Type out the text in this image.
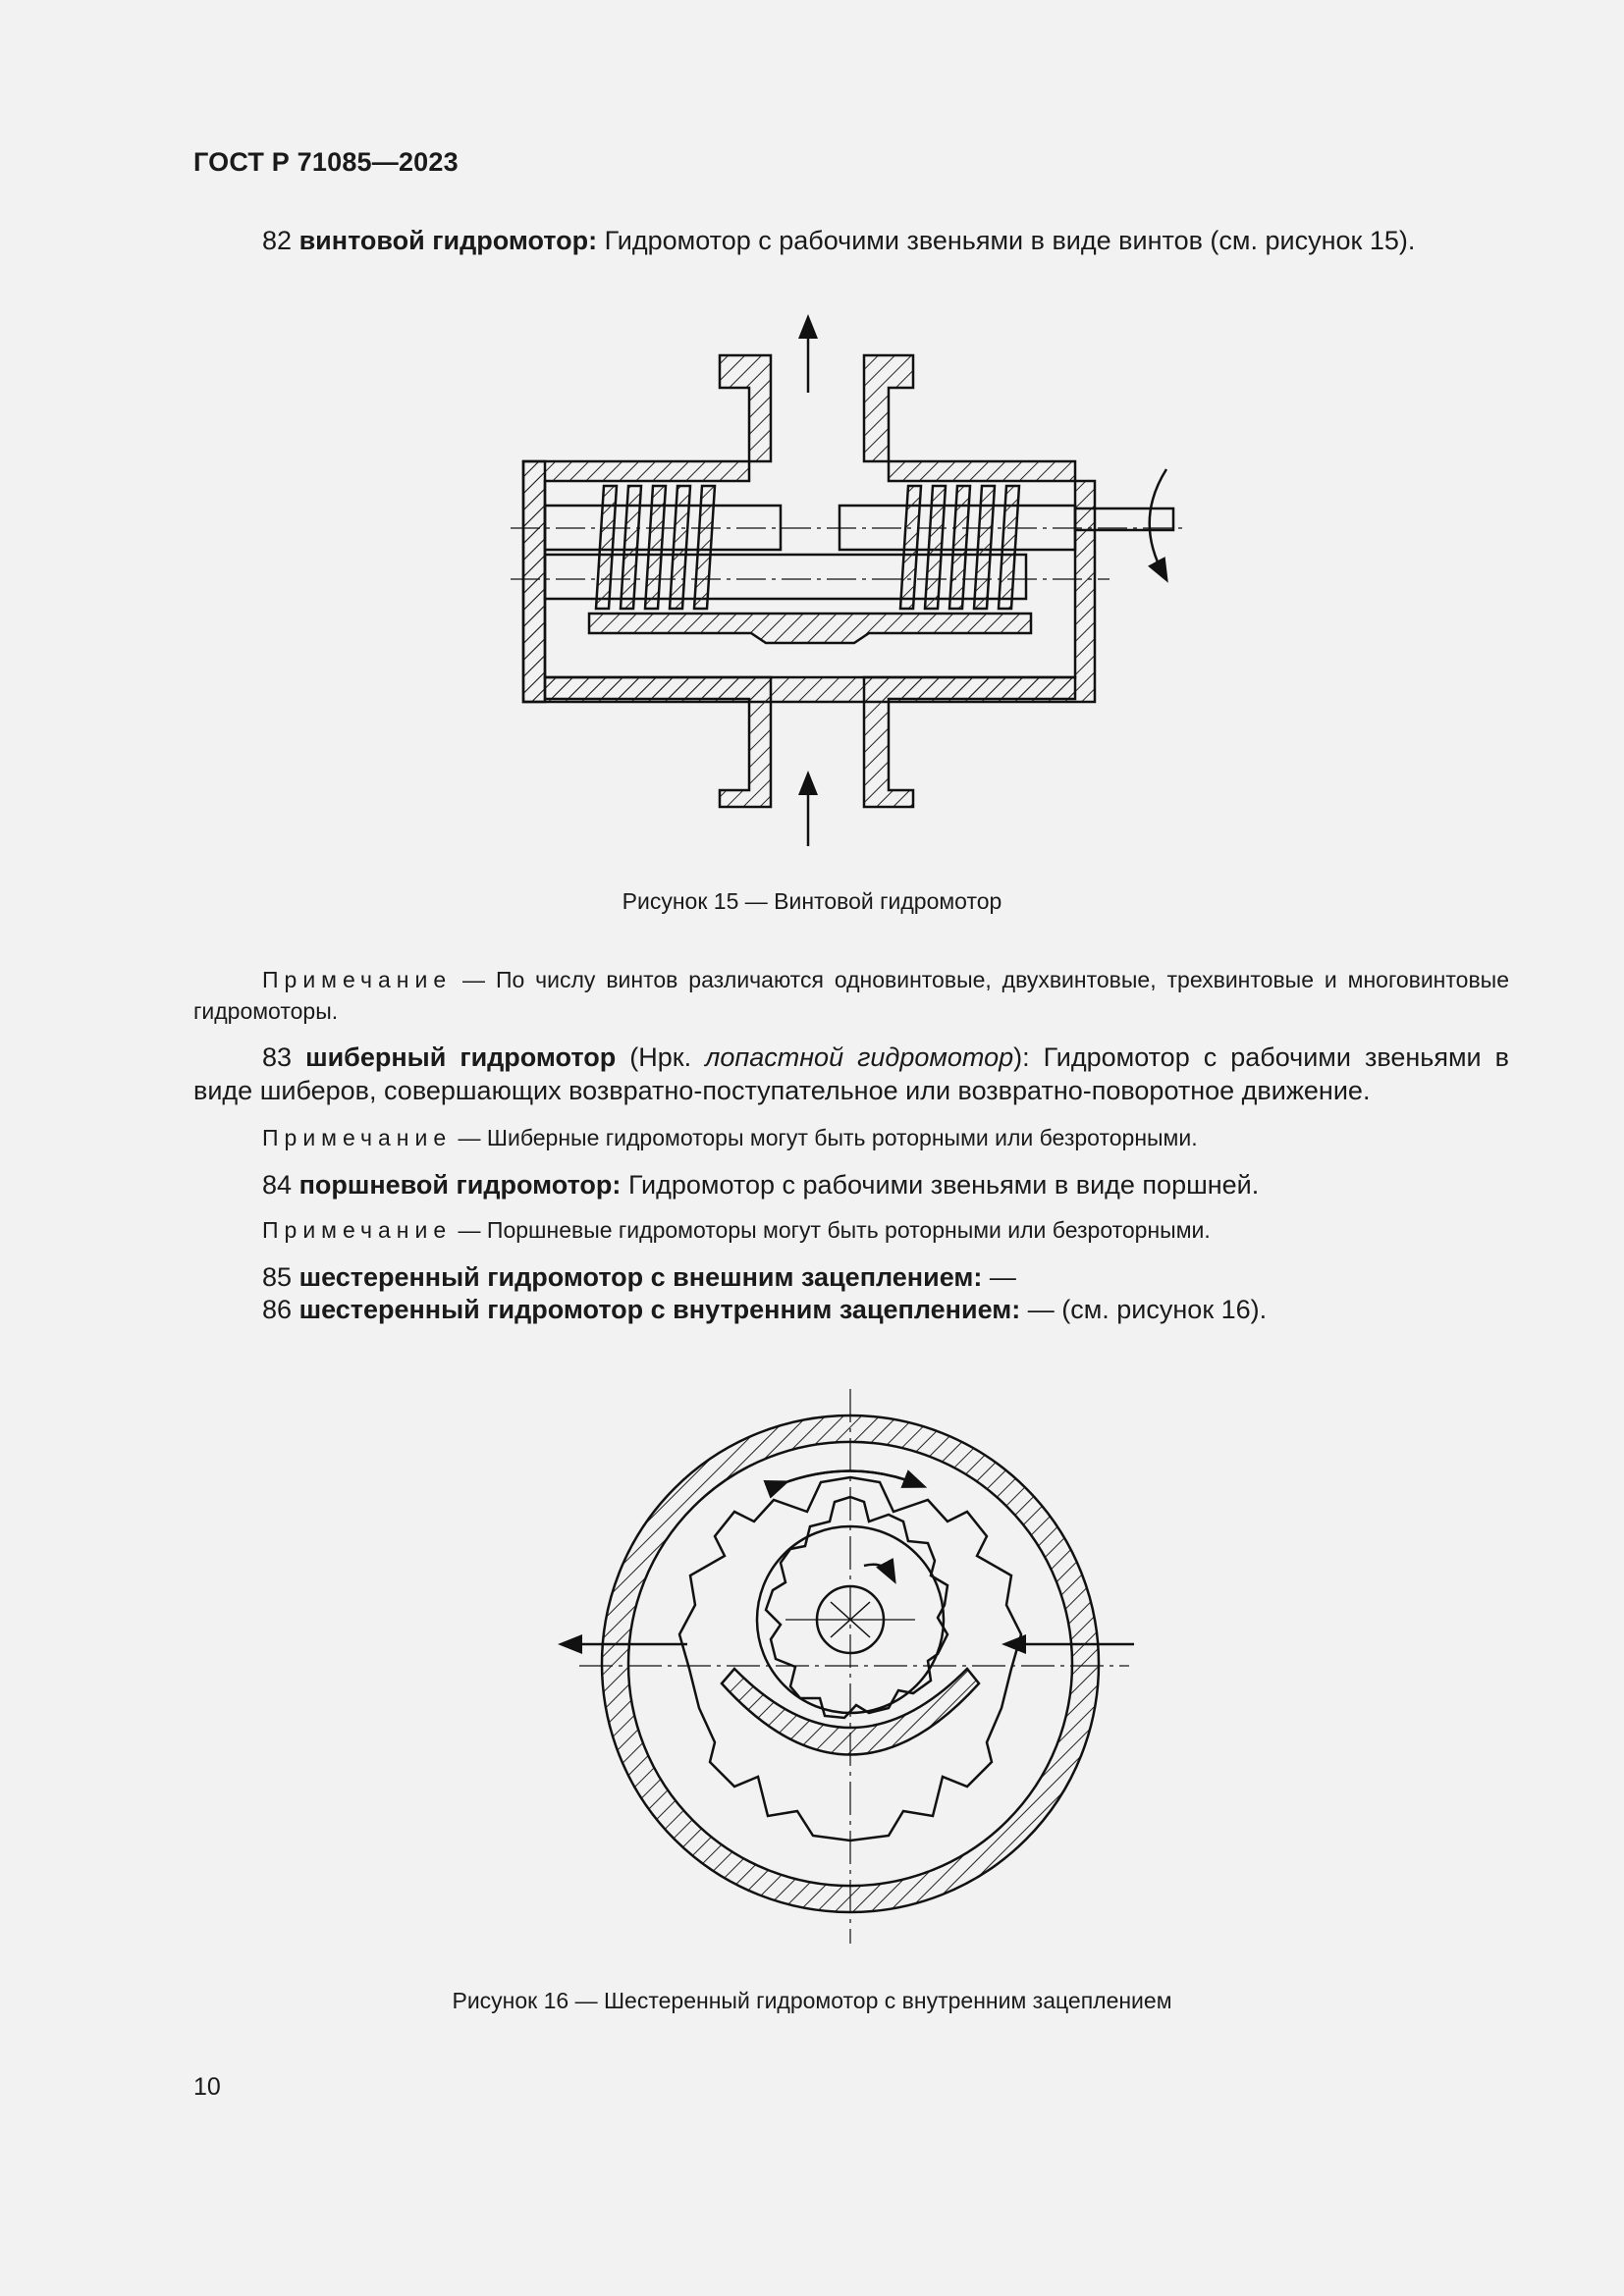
ГОСТ Р 71085—2023
82 винтовой гидромотор: Гидромотор с рабочими звеньями в виде винтов (см. рисунок 15).
Рисунок 15 — Винтовой гидромотор
Примечание — По числу винтов различаются одновинтовые, двухвинтовые, трехвинтовые и многовинтовые гидромоторы.
83 шиберный гидромотор (Нрк. лопастной гидромотор): Гидромотор с рабочими звеньями в виде шиберов, совершающих возвратно-поступательное или возвратно-поворотное движение.
Примечание — Шиберные гидромоторы могут быть роторными или безроторными.
84 поршневой гидромотор: Гидромотор с рабочими звеньями в виде поршней.
Примечание — Поршневые гидромоторы могут быть роторными или безроторными.
85 шестеренный гидромотор с внешним зацеплением: —
86 шестеренный гидромотор с внутренним зацеплением: — (см. рисунок 16).
Рисунок 16 — Шестеренный гидромотор с внутренним зацеплением
10
